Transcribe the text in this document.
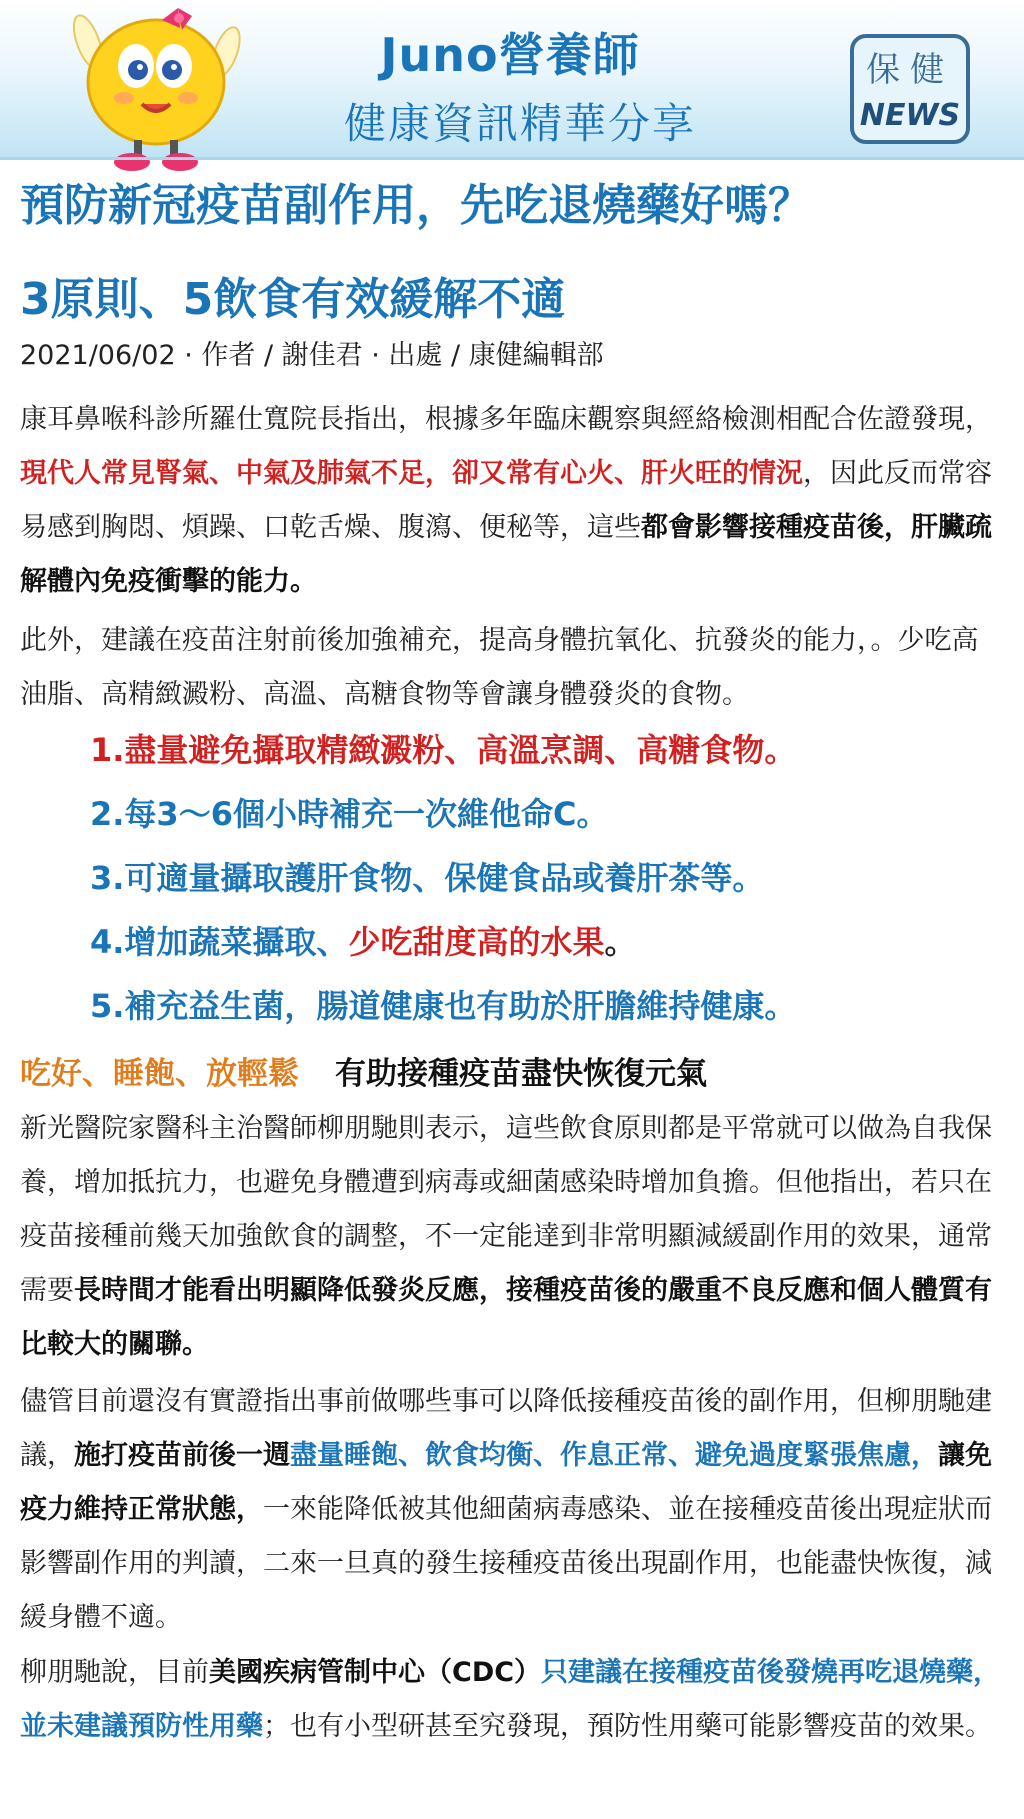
Juno營養師
健康資訊精華分享
保健
NEWS
預防新冠疫苗副作用，先吃退燒藥好嗎？
3原則、5飲食有效緩解不適
2021/06/02 · 作者 / 謝佳君 · 出處 / 康健編輯部
康耳鼻喉科診所羅仕寬院長指出，根據多年臨床觀察與經絡檢測相配合佐證發現，現代人常見腎氣、中氣及肺氣不足，卻又常有心火、肝火旺的情況，因此反而常容易感到胸悶、煩躁、口乾舌燥、腹瀉、便秘等，這些都會影響接種疫苗後，肝臟疏解體內免疫衝擊的能力。
此外，建議在疫苗注射前後加強補充，提高身體抗氧化、抗發炎的能力，。少吃高油脂、高精緻澱粉、高溫、高糖食物等會讓身體發炎的食物。
1.盡量避免攝取精緻澱粉、高溫烹調、高糖食物。
2.每3～6個小時補充一次維他命C。
3.可適量攝取護肝食物、保健食品或養肝茶等。
4.增加蔬菜攝取、少吃甜度高的水果。
5.補充益生菌，腸道健康也有助於肝膽維持健康。
吃好、睡飽、放輕鬆 有助接種疫苗盡快恢復元氣
新光醫院家醫科主治醫師柳朋馳則表示，這些飲食原則都是平常就可以做為自我保養，增加抵抗力，也避免身體遭到病毒或細菌感染時增加負擔。但他指出，若只在疫苗接種前幾天加強飲食的調整，不一定能達到非常明顯減緩副作用的效果，通常需要長時間才能看出明顯降低發炎反應，接種疫苗後的嚴重不良反應和個人體質有比較大的關聯。
儘管目前還沒有實證指出事前做哪些事可以降低接種疫苗後的副作用，但柳朋馳建議，施打疫苗前後一週盡量睡飽、飲食均衡、作息正常、避免過度緊張焦慮，讓免疫力維持正常狀態，一來能降低被其他細菌病毒感染、並在接種疫苗後出現症狀而影響副作用的判讀，二來一旦真的發生接種疫苗後出現副作用，也能盡快恢復，減緩身體不適。
柳朋馳說，目前美國疾病管制中心（CDC）只建議在接種疫苗後發燒再吃退燒藥，並未建議預防性用藥；也有小型研甚至究發現，預防性用藥可能影響疫苗的效果。
